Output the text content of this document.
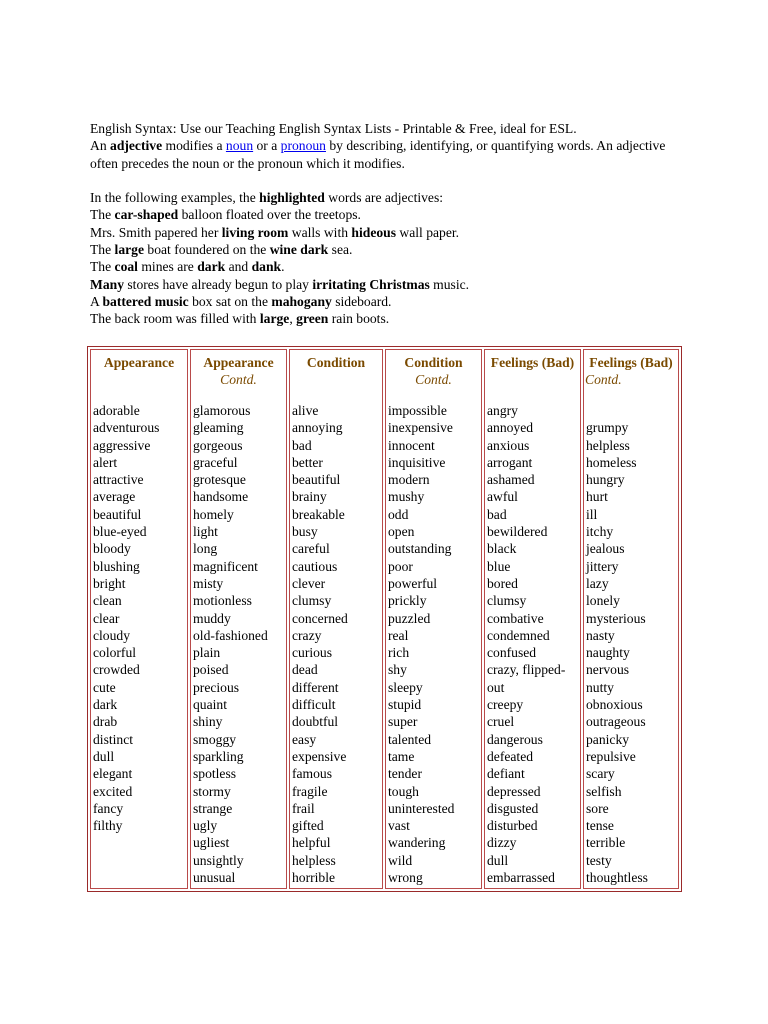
English Syntax: Use our Teaching English Syntax Lists - Printable & Free, ideal for ESL.

An adjective modifies a noun or a pronoun by describing, identifying, or quantifying words. An adjective often precedes the noun or the pronoun which it modifies.

In the following examples, the highlighted words are adjectives:

The car-shaped balloon floated over the treetops.

Mrs. Smith papered her living room walls with hideous wall paper.

The large boat foundered on the wine dark sea.

The coal mines are dark and dank.

Many stores have already begun to play irritating Christmas music.

A battered music box sat on the mahogany sideboard.

The back room was filled with large, green rain boots.

Appearance
adorable
adventurous
aggressive
alert
attractive
average
beautiful
blue-eyed
bloody
blushing
bright
clean
clear
cloudy
colorful
crowded
cute
dark
drab
distinct
dull
elegant
excited
fancy
filthy
Appearance
Contd.
glamorous
gleaming
gorgeous
graceful
grotesque
handsome
homely
light
long
magnificent
misty
motionless
muddy
old-fashioned
plain
poised
precious
quaint
shiny
smoggy
sparkling
spotless
stormy
strange
ugly
ugliest
unsightly
unusual
Condition
alive
annoying
bad
better
beautiful
brainy
breakable
busy
careful
cautious
clever
clumsy
concerned
crazy
curious
dead
different
difficult
doubtful
easy
expensive
famous
fragile
frail
gifted
helpful
helpless
horrible
Condition
Contd.
impossible
inexpensive
innocent
inquisitive
modern
mushy
odd
open
outstanding
poor
powerful
prickly
puzzled
real
rich
shy
sleepy
stupid
super
talented
tame
tender
tough
uninterested
vast
wandering
wild
wrong
Feelings (Bad)
angry
annoyed
anxious
arrogant
ashamed
awful
bad
bewildered
black
blue
bored
clumsy
combative
condemned
confused
crazy, flipped-
out
creepy
cruel
dangerous
defeated
defiant
depressed
disgusted
disturbed
dizzy
dull
embarrassed
Feelings (Bad)
Contd.

grumpy
helpless
homeless
hungry
hurt
ill
itchy
jealous
jittery
lazy
lonely
mysterious
nasty
naughty
nervous
nutty
obnoxious
outrageous
panicky
repulsive
scary
selfish
sore
tense
terrible
testy
thoughtless
